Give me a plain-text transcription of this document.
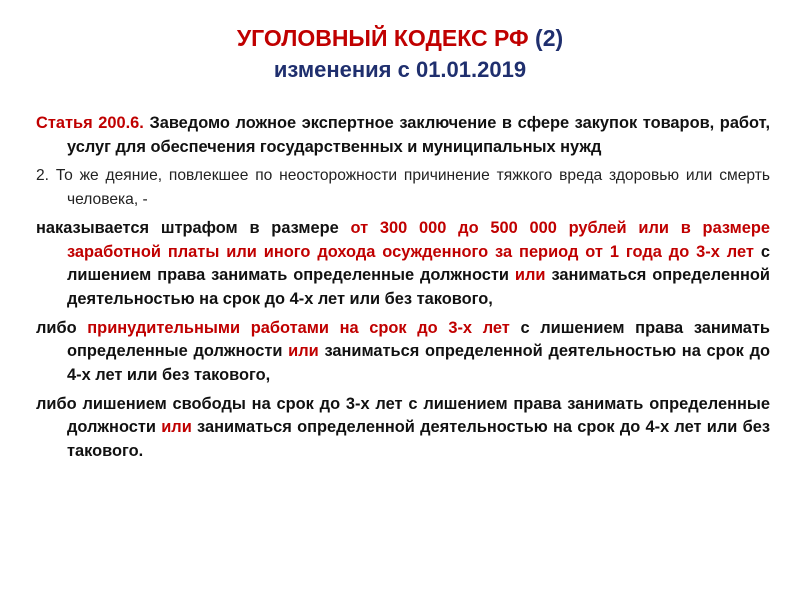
УГОЛОВНЫЙ КОДЕКС РФ (2)
изменения с 01.01.2019
Статья 200.6. Заведомо ложное экспертное заключение в сфере закупок товаров, работ, услуг для обеспечения государственных и муниципальных нужд
2. То же деяние, повлекшее по неосторожности причинение тяжкого вреда здоровью или смерть человека, -
наказывается штрафом в размере от 300 000 до 500 000 рублей или в размере заработной платы или иного дохода осужденного за период от 1 года до 3-х лет с лишением права занимать определенные должности или заниматься определенной деятельностью на срок до 4-х лет или без такового,
либо принудительными работами на срок до 3-х лет с лишением права занимать определенные должности или заниматься определенной деятельностью на срок до 4-х лет или без такового,
либо лишением свободы на срок до 3-х лет с лишением права занимать определенные должности или заниматься определенной деятельностью на срок до 4-х лет или без такового.
